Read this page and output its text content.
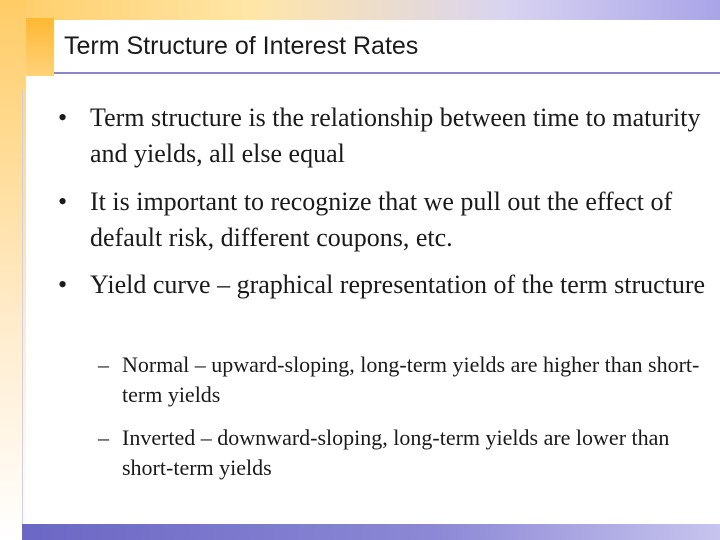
Term Structure of Interest Rates
• Term structure is the relationship between time to maturity and yields, all else equal
• It is important to recognize that we pull out the effect of default risk, different coupons, etc.
• Yield curve – graphical representation of the term structure
– Normal – upward-sloping, long-term yields are higher than short-term yields
– Inverted – downward-sloping, long-term yields are lower than short-term yields
